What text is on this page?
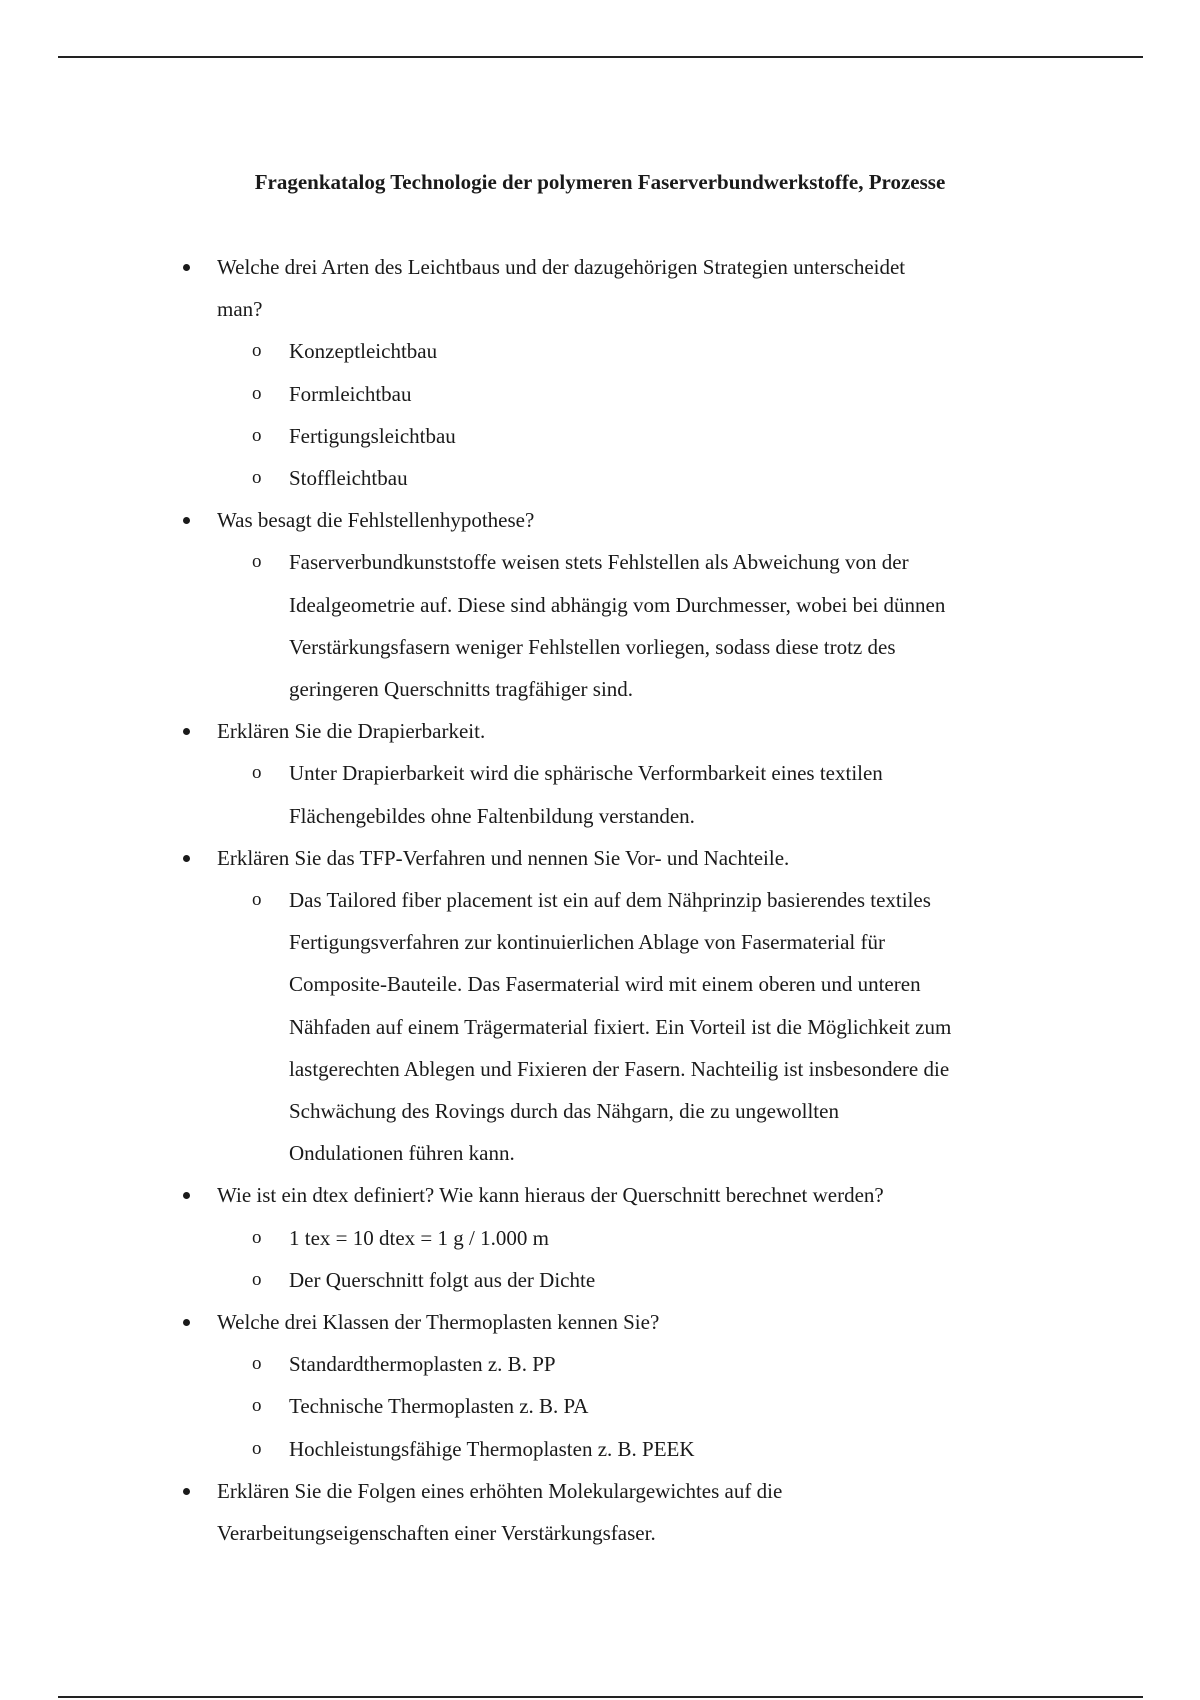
Fragenkatalog Technologie der polymeren Faserverbundwerkstoffe, Prozesse
Welche drei Arten des Leichtbaus und der dazugehörigen Strategien unterscheidet
man?
o Konzeptleichtbau
o Formleichtbau
o Fertigungsleichtbau
o Stoffleichtbau
Was besagt die Fehlstellenhypothese?
o Faserverbundkunststoffe weisen stets Fehlstellen als Abweichung von der
Idealgeometrie auf. Diese sind abhängig vom Durchmesser, wobei bei dünnen
Verstärkungsfasern weniger Fehlstellen vorliegen, sodass diese trotz des
geringeren Querschnitts tragfähiger sind.
Erklären Sie die Drapierbarkeit.
o Unter Drapierbarkeit wird die sphärische Verformbarkeit eines textilen
Flächengebildes ohne Faltenbildung verstanden.
Erklären Sie das TFP-Verfahren und nennen Sie Vor- und Nachteile.
o Das Tailored fiber placement ist ein auf dem Nähprinzip basierendes textiles
Fertigungsverfahren zur kontinuierlichen Ablage von Fasermaterial für
Composite-Bauteile. Das Fasermaterial wird mit einem oberen und unteren
Nähfaden auf einem Trägermaterial fixiert. Ein Vorteil ist die Möglichkeit zum
lastgerechten Ablegen und Fixieren der Fasern. Nachteilig ist insbesondere die
Schwächung des Rovings durch das Nähgarn, die zu ungewollten
Ondulationen führen kann.
Wie ist ein dtex definiert? Wie kann hieraus der Querschnitt berechnet werden?
o 1 tex = 10 dtex = 1 g / 1.000 m
o Der Querschnitt folgt aus der Dichte
Welche drei Klassen der Thermoplasten kennen Sie?
o Standardthermoplasten z. B. PP
o Technische Thermoplasten z. B. PA
o Hochleistungsfähige Thermoplasten z. B. PEEK
Erklären Sie die Folgen eines erhöhten Molekulargewichtes auf die
Verarbeitungseigenschaften einer Verstärkungsfaser.
